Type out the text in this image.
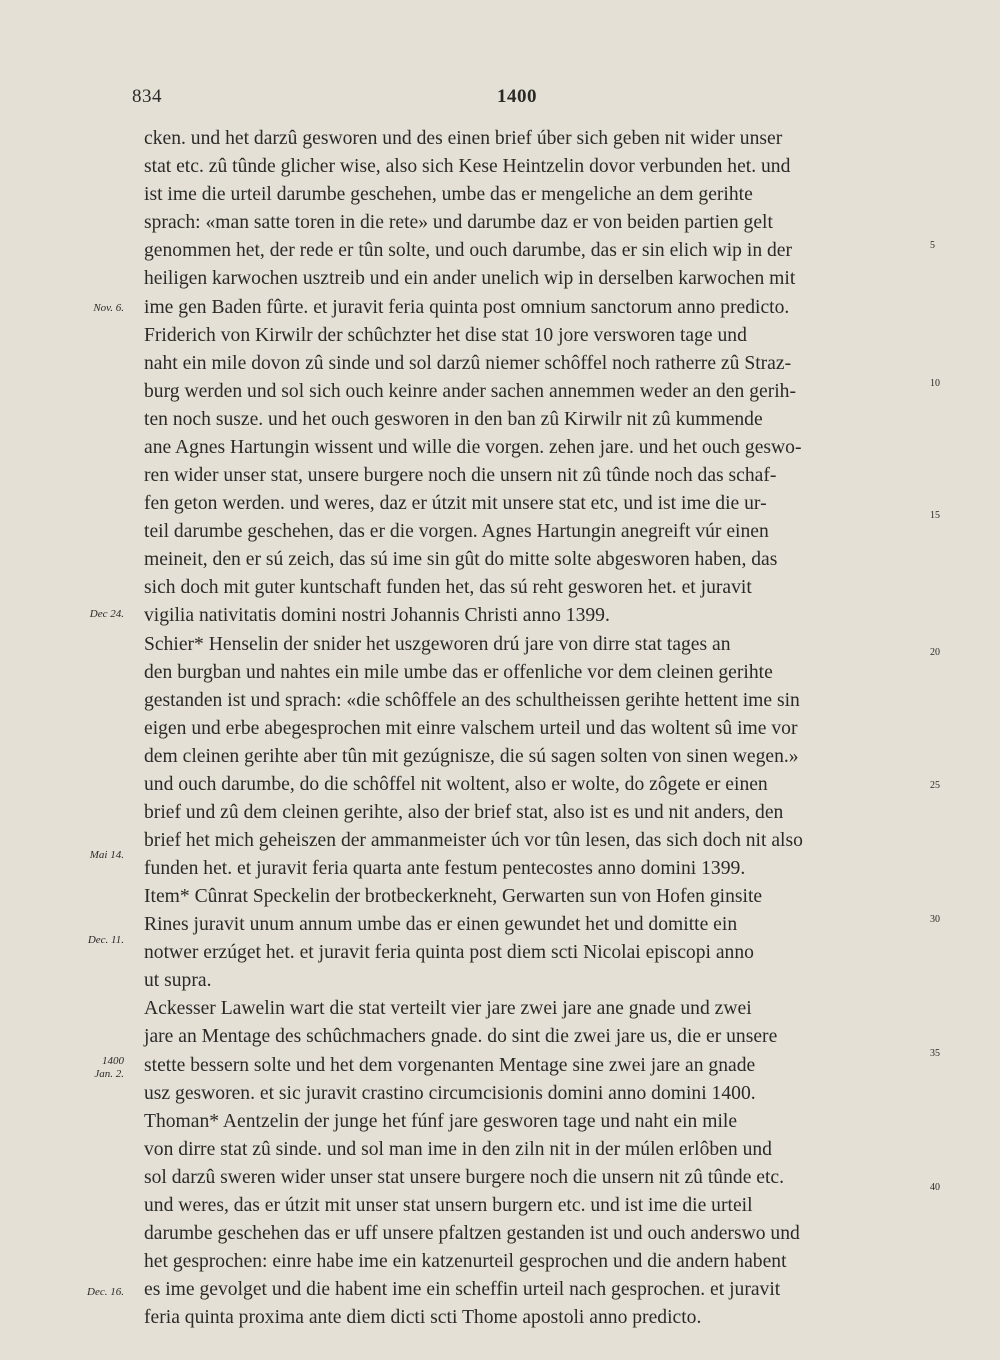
834	1400
cken. und het darzû gesworen und des einen brief úber sich geben nit wider unser
stat etc. zû tûnde glicher wise, also sich Kese Heintzelin dovor verbunden het. und
ist ime die urteil darumbe geschehen, umbe das er mengeliche an dem gerihte
sprach: «man satte toren in die rete» und darumbe daz er von beiden partien gelt
genommen het, der rede er tûn solte, und ouch darumbe, das er sin elich wip in der
heiligen karwochen usztreib und ein ander unelich wip in derselben karwochen mit
ime gen Baden fûrte. et juravit feria quinta post omnium sanctorum anno predicto.
Friderich von Kirwilr der schûchzter het dise stat 10 jore versworen tage und
naht ein mile dovon zû sinde und sol darzû niemer schôffel noch ratherre zû Straz-
burg werden und sol sich ouch keinre ander sachen annemmen weder an den gerih-
ten noch susze. und het ouch gesworen in den ban zû Kirwilr nit zû kummende
ane Agnes Hartungin wissent und wille die vorgen. zehen jare. und het ouch geswo-
ren wider unser stat, unsere burgere noch die unsern nit zû tûnde noch das schaf-
fen geton werden. und weres, daz er útzit mit unsere stat etc, und ist ime die ur-
teil darumbe geschehen, das er die vorgen. Agnes Hartungin anegreift vúr einen
meineit, den er sú zeich, das sú ime sin gût do mitte solte abgesworen haben, das
sich doch mit guter kuntschaft funden het, das sú reht gesworen het. et juravit
vigilia nativitatis domini nostri Johannis Christi anno 1399.
Schier* Henselin der snider het uszgeworen drú jare von dirre stat tages an
den burgban und nahtes ein mile umbe das er offenliche vor dem cleinen gerihte
gestanden ist und sprach: «die schôffele an des schultheissen gerihte hettent ime sin
eigen und erbe abegesprochen mit einre valschem urteil und das woltent sû ime vor
dem cleinen gerihte aber tûn mit gezúgnisze, die sú sagen solten von sinen wegen.»
und ouch darumbe, do die schôffel nit woltent, also er wolte, do zôgete er einen
brief und zû dem cleinen gerihte, also der brief stat, also ist es und nit anders, den
brief het mich geheiszen der ammanmeister úch vor tûn lesen, das sich doch nit also
funden het. et juravit feria quarta ante festum pentecostes anno domini 1399.
Item* Cûnrat Speckelin der brotbeckerkneht, Gerwarten sun von Hofen ginsite
Rines juravit unum annum umbe das er einen gewundet het und domitte ein
notwer erzúget het. et juravit feria quinta post diem scti Nicolai episcopi anno
ut supra.
Ackesser Lawelin wart die stat verteilt vier jare zwei jare ane gnade und zwei
jare an Mentage des schûchmachers gnade. do sint die zwei jare us, die er unsere
stette bessern solte und het dem vorgenanten Mentage sine zwei jare an gnade
usz gesworen. et sic juravit crastino circumcisionis domini anno domini 1400.
Thoman* Aentzelin der junge het fúnf jare gesworen tage und naht ein mile
von dirre stat zû sinde. und sol man ime in den ziln nit in der múlen erlôben und
sol darzû sweren wider unser stat unsere burgere noch die unsern nit zû tûnde etc.
und weres, das er útzit mit unser stat unsern burgern etc. und ist ime die urteil
darumbe geschehen das er uff unsere pfaltzen gestanden ist und ouch anderswo und
het gesprochen: einre habe ime ein katzenurteil gesprochen und die andern habent
es ime gevolget und die habent ime ein scheffin urteil nach gesprochen. et juravit
feria quinta proxima ante diem dicti scti Thome apostoli anno predicto.
Nov. 6.
Dec 24.
Mai 14.
Dec. 11.
1400
Jan. 2.
Dec. 16.
5
10
15
20
25
30
35
40
